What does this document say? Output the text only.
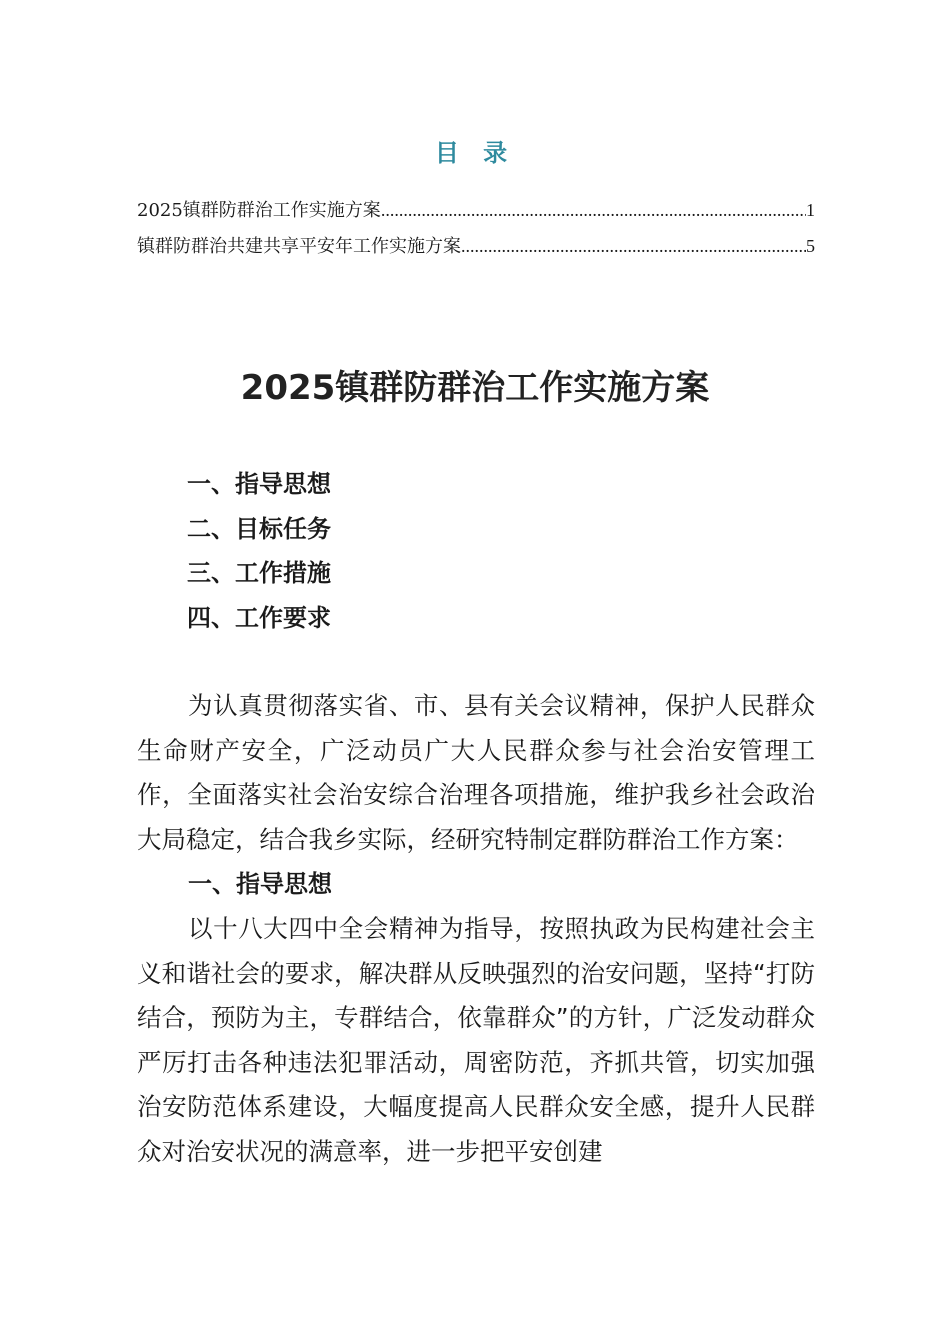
目 录
2025镇群防群治工作实施方案 .....	1
镇群防群治共建共享平安年工作实施方案 .....	5
2025镇群防群治工作实施方案
一、指导思想
二、目标任务
三、工作措施
四、工作要求

为认真贯彻落实省、市、县有关会议精神，保护人民群众生命财产安全，广泛动员广大人民群众参与社会治安管理工作，全面落实社会治安综合治理各项措施，维护我乡社会政治大局稳定，结合我乡实际，经研究特制定群防群治工作方案：

一、指导思想

以十八大四中全会精神为指导，按照执政为民构建社会主义和谐社会的要求，解决群从反映强烈的治安问题，坚持“打防结合，预防为主，专群结合，依靠群众”的方针，广泛发动群众严厉打击各种违法犯罪活动，周密防范，齐抓共管，切实加强治安防范体系建设，大幅度提高人民群众安全感，提升人民群众对治安状况的满意率，进一步把平安创建
